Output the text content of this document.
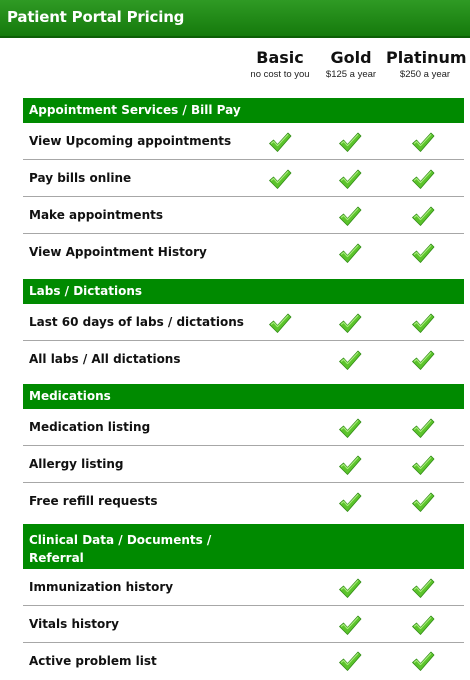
Patient Portal Pricing
Basic
no cost to you
Gold
$125 a year
Platinum
$250 a year
Appointment Services / Bill Pay
View Upcoming appointments
Pay bills online
Make appointments
View Appointment History
Labs / Dictations
Last 60 days of labs / dictations
All labs / All dictations
Medications
Medication listing
Allergy listing
Free refill requests
Clinical Data / Documents /
Referral
Immunization history
Vitals history
Active problem list
